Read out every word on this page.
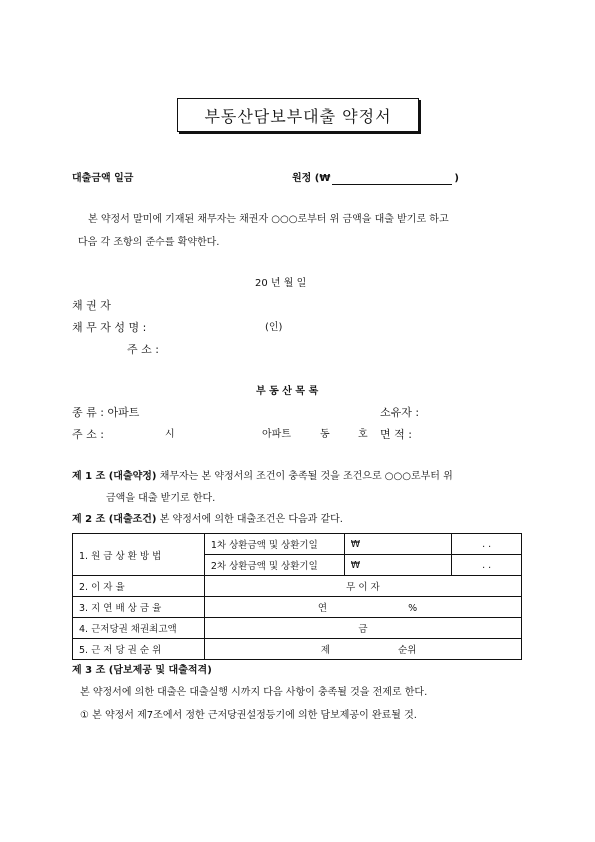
부동산담보부대출 약정서
대출금액 일금	원정 (₩	)
본 약정서 말미에 기재된 채무자는 채권자 ○○○로부터 위 금액을 대출 받기로 하고
다음 각 조항의 준수를 확약한다.
20 년 월 일
채 권 자
채 무 자 성 명 :	(인)
주 소 :
부 동 산 목 록
종 류 : 아파트	소유자 :
주 소 :	시	아파트	동	호 면 적 :
제 1 조 (대출약정) 채무자는 본 약정서의 조건이 충족될 것을 조건으로 ○○○로부터 위
금액을 대출 받기로 한다.
제 2 조 (대출조건) 본 약정서에 의한 대출조건은 다음과 같다.
1. 원 금 상 환 방 법	1차 상환금액 및 상환기일	₩	. .
	2차 상환금액 및 상환기일	₩	. .
2. 이 자 율	무 이 자		
3. 지 연 배 상 금 율	연 %		
4. 근저당권 채권최고액	금		
5. 근 저 당 권 순 위	제 순위		
제 3 조 (담보제공 및 대출적격)
본 약정서에 의한 대출은 대출실행 시까지 다음 사항이 충족될 것을 전제로 한다.
① 본 약정서 제7조에서 정한 근저당권설정등기에 의한 담보제공이 완료될 것.
